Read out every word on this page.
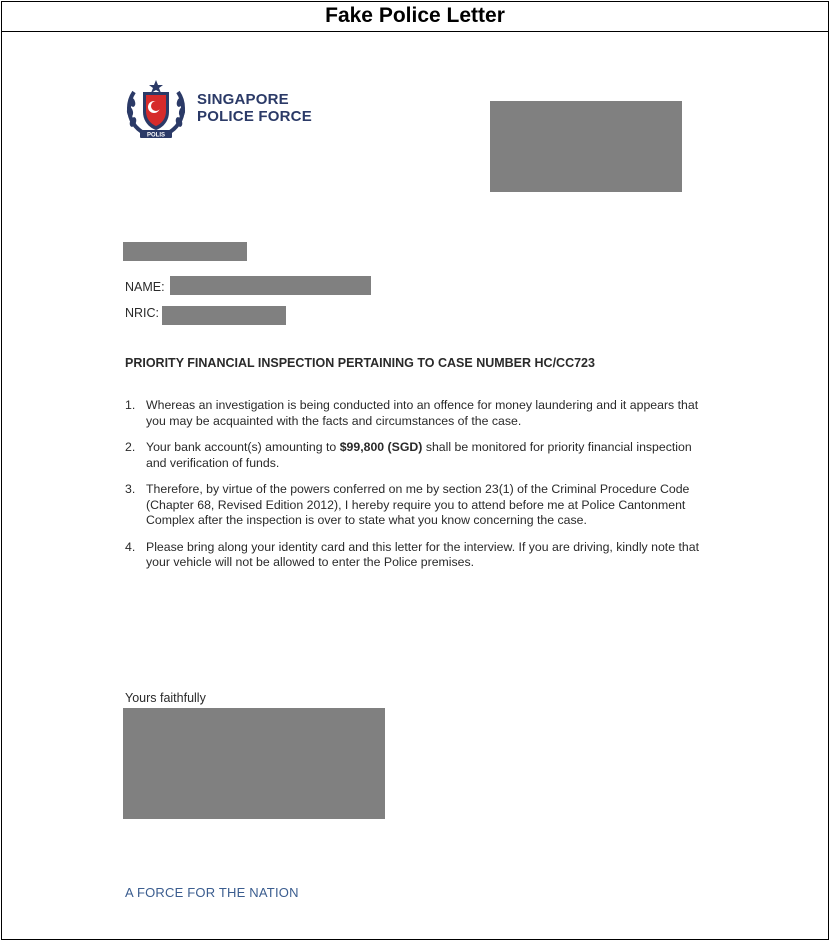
Fake Police Letter
POLIS
SINGAPORE
POLICE FORCE
NAME:
NRIC:
PRIORITY FINANCIAL INSPECTION PERTAINING TO CASE NUMBER HC/CC723
1. Whereas an investigation is being conducted into an offence for money laundering and it appears that you may be acquainted with the facts and circumstances of the case.
2. Your bank account(s) amounting to $99,800 (SGD) shall be monitored for priority financial inspection and verification of funds.
3. Therefore, by virtue of the powers conferred on me by section 23(1) of the Criminal Procedure Code (Chapter 68, Revised Edition 2012), I hereby require you to attend before me at Police Cantonment Complex after the inspection is over to state what you know concerning the case.
4. Please bring along your identity card and this letter for the interview. If you are driving, kindly note that your vehicle will not be allowed to enter the Police premises.
Yours faithfully
A FORCE FOR THE NATION
